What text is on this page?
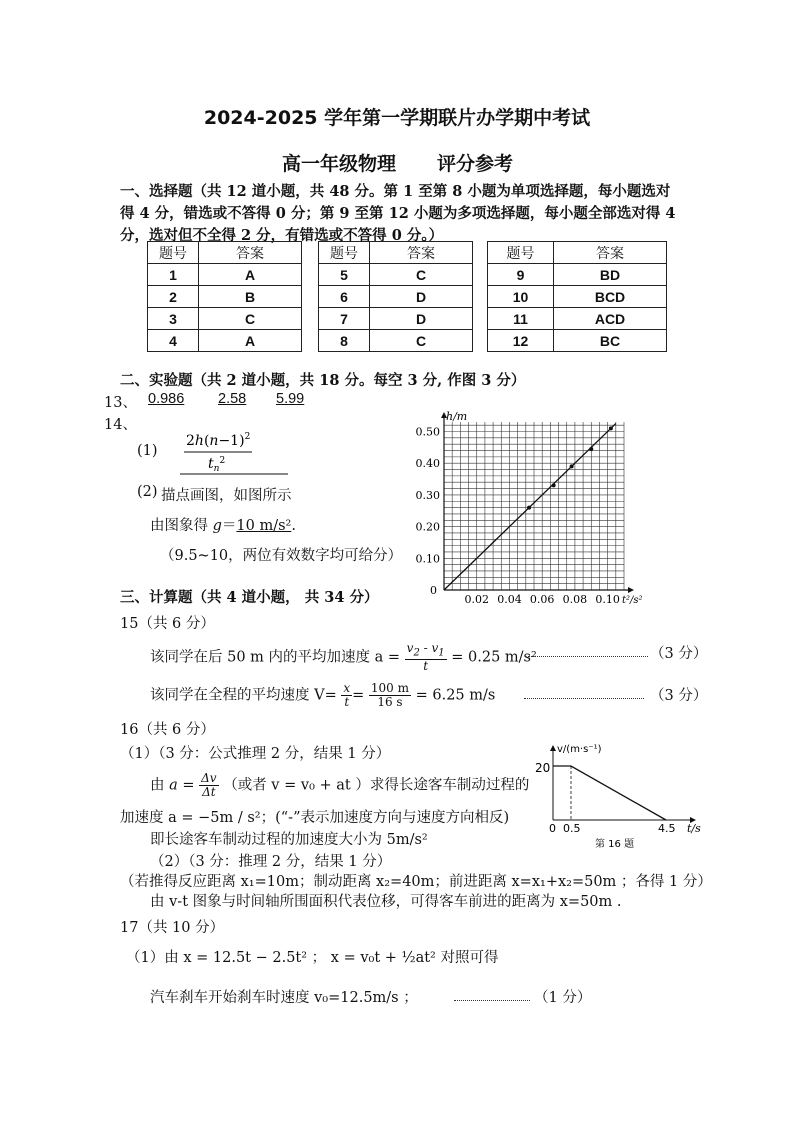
2024-2025 学年第一学期联片办学期中考试
高一年级物理 评分参考
一、选择题（共 12 道小题，共 48 分。第 1 至第 8 小题为单项选择题，每小题选对
得 4 分，错选或不答得 0 分；第 9 至第 12 小题为多项选择题，每小题全部选对得 4
分，选对但不全得 2 分，有错选或不答得 0 分。）
题号	答案
1	A
2	B
3	C
4	A
题号	答案
5	C
6	D
7	D
8	C
题号	答案
9	BD
10	BCD
11	ACD
12	BC
二、实验题（共 2 道小题，共 18 分。每空 3 分, 作图 3 分）
13、 0.986 2.58 5.99
14、
(1)
$2h(n-1)^2$
$t_n^2$
(2) 描点画图，如图所示
由图象得 g＝10 m/s².
（9.5~10，两位有效数字均可给分） 0.10
0.20
0.30
0.40
0.50
0.02 0.04 0.06 0.08 0.10
0
h/m
t²/s²
三、计算题（共 4 道小题， 共 34 分）
15（共 6 分）
该同学在后 50 m 内的平均加速度 $a = \frac{v_2 - v_1}{t} = 0.25$ m/s²	（3 分）
该同学在全程的平均速度 $V= \frac{x}{t} = \frac{100 m}{16 s} = 6.25$ m/s	（3 分）
16（共 6 分）
（1）（3 分：公式推理 2 分，结果 1 分）
由 $a = \frac{\Delta v}{\Delta t}$ （或者 v = v₀ + at ）求得长途客车制动过程的
加速度 a = −5m / s²；(“-”表示加速度方向与速度方向相反)
即长途客车制动过程的加速度大小为 5m/s²
（2）（3 分：推理 2 分，结果 1 分）
（若推得反应距离 x₁=10m；制动距离 x₂=40m；前进距离 x=x₁+x₂=50m ；各得 1 分）
由 v-t 图象与时间轴所围面积代表位移，可得客车前进的距离为 x=50m .
v/(m·s⁻¹)
t/s
20
0 0.5	4.5
第 16 题
17（共 10 分）
（1）由 x = 12.5t − 2.5t² ； x = v₀t + ½at² 对照可得
汽车刹车开始刹车时速度 v₀=12.5m/s ；	（1 分）
